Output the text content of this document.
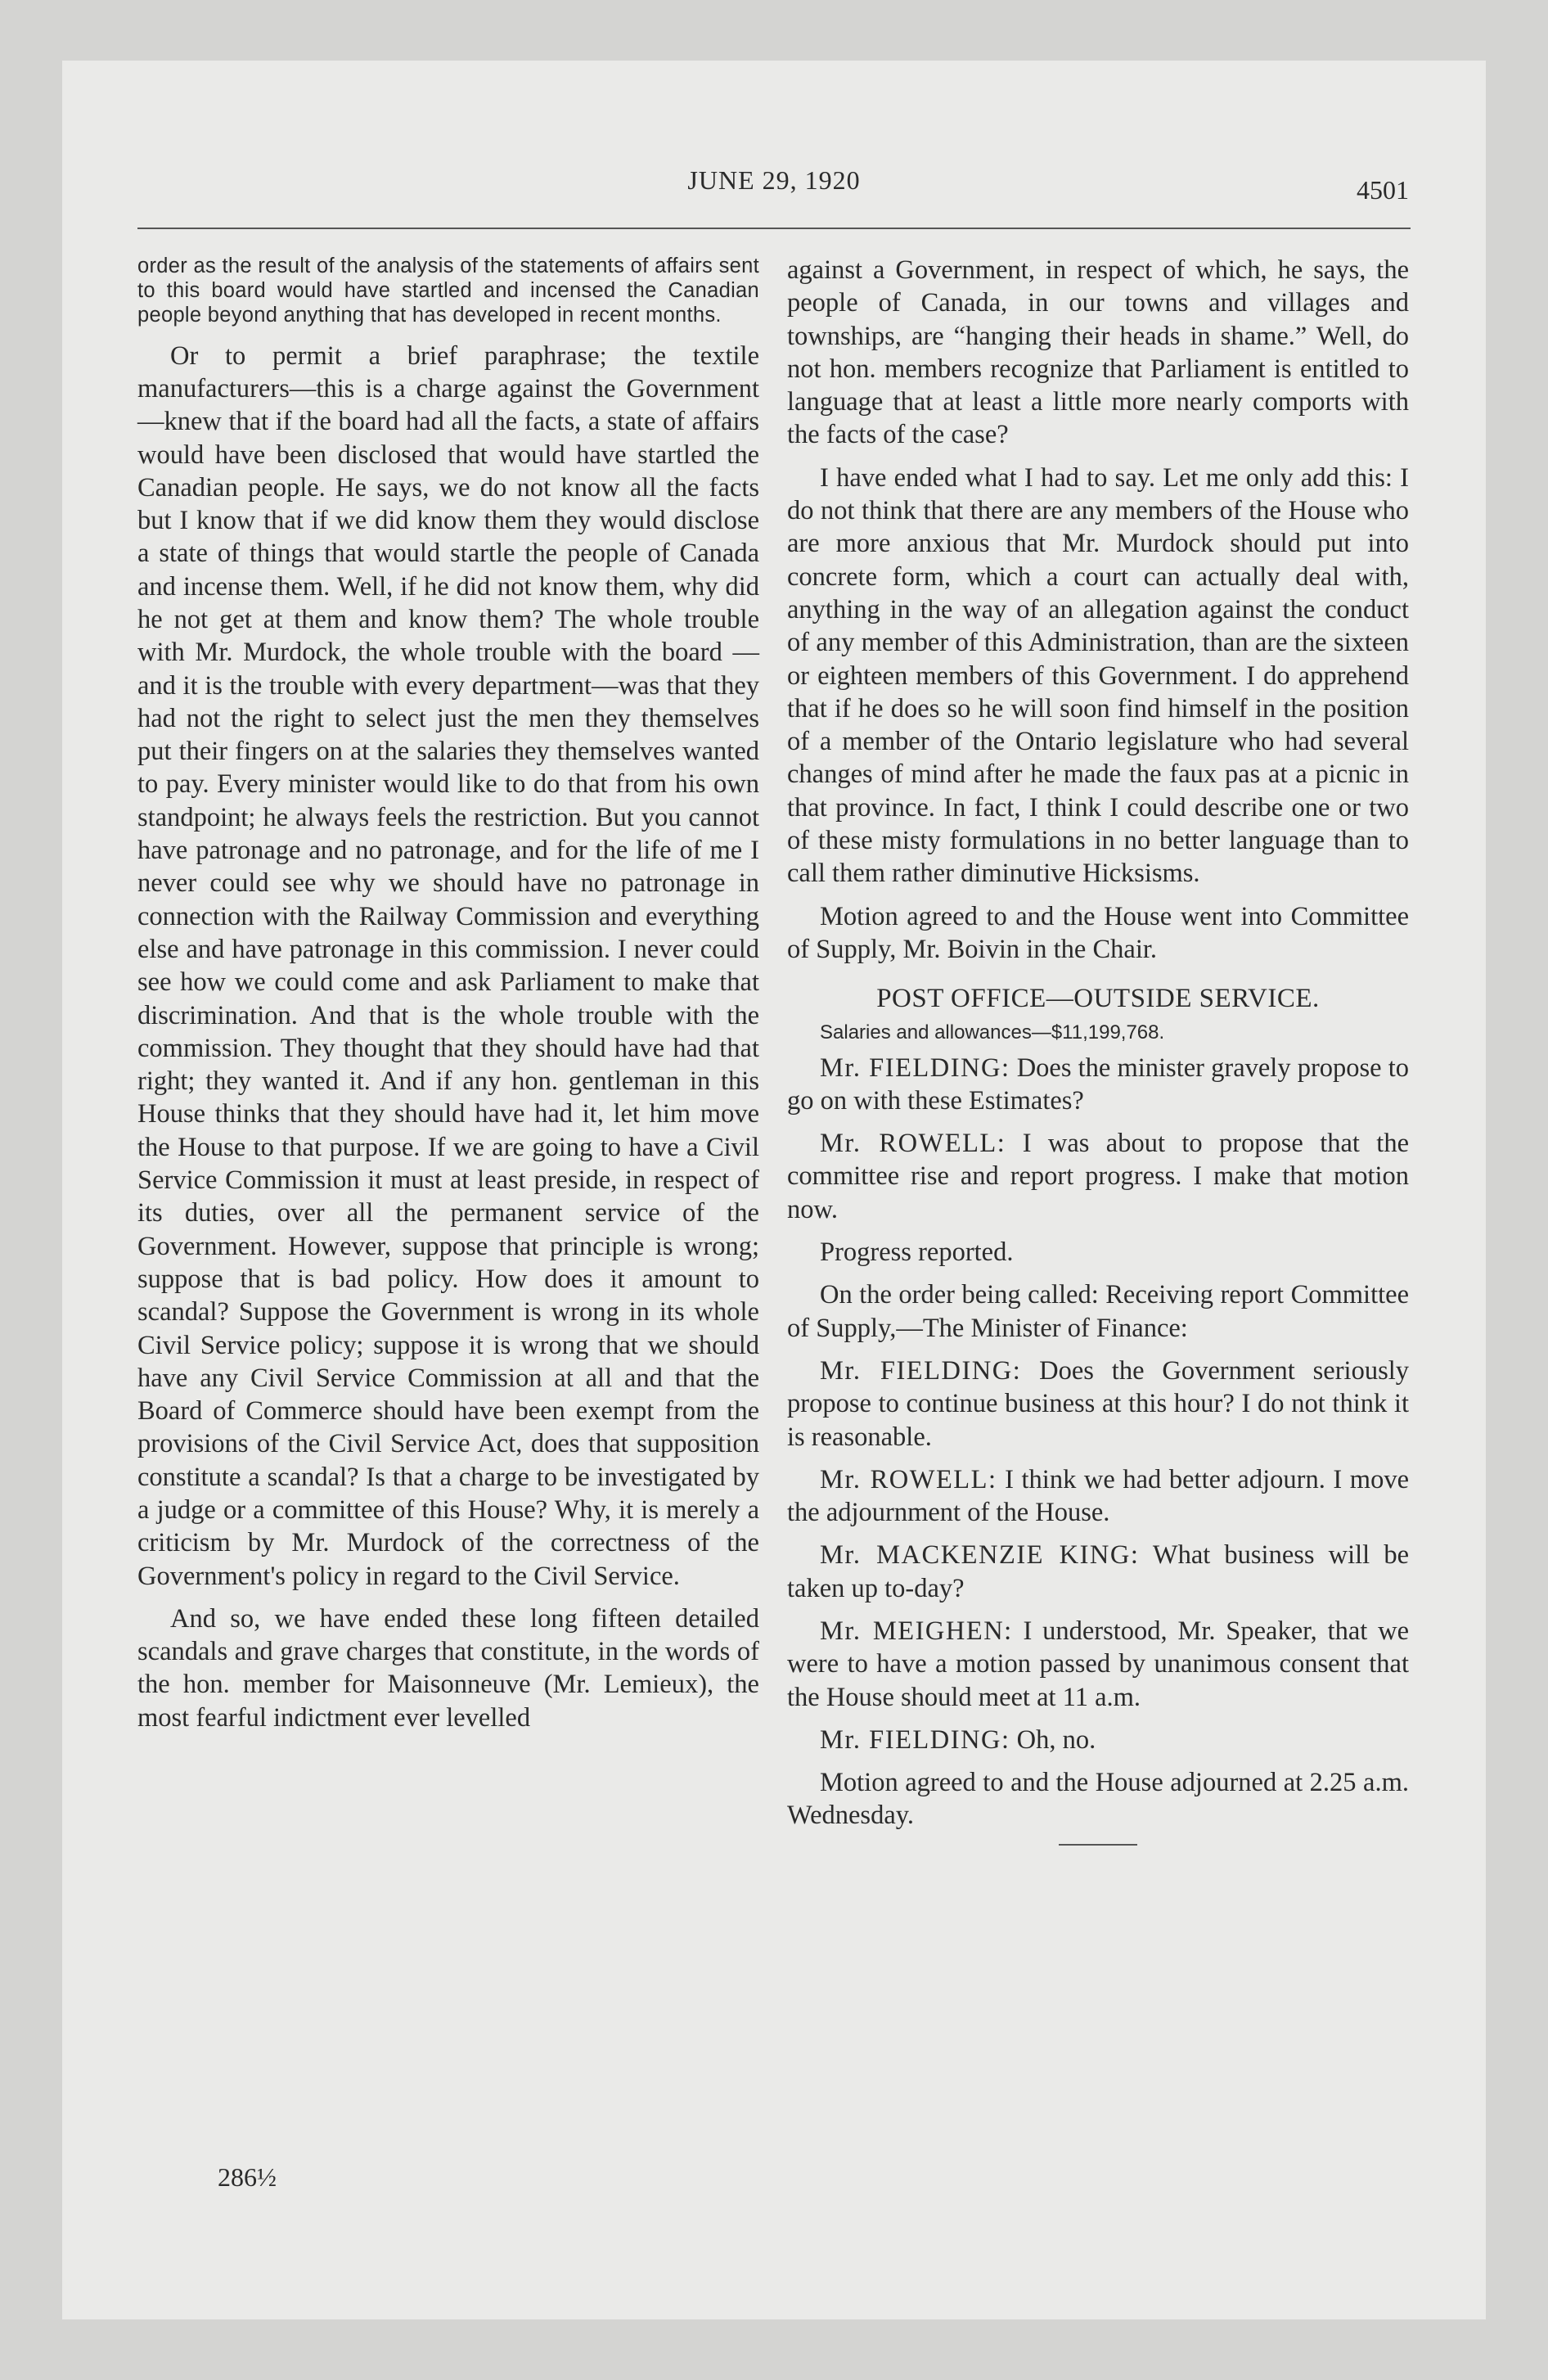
JUNE 29, 1920	4501

order as the result of the analysis of the statements of affairs sent to this board would have startled and incensed the Canadian people beyond anything that has developed in recent months.

Or to permit a brief paraphrase; the textile manufacturers—this is a charge against the Government—knew that if the board had all the facts, a state of affairs would have been disclosed that would have startled the Canadian people. He says, we do not know all the facts but I know that if we did know them they would disclose a state of things that would startle the people of Canada and incense them. Well, if he did not know them, why did he not get at them and know them? The whole trouble with Mr. Murdock, the whole trouble with the board —and it is the trouble with every department—was that they had not the right to select just the men they themselves put their fingers on at the salaries they themselves wanted to pay. Every minister would like to do that from his own standpoint; he always feels the restriction. But you cannot have patronage and no patronage, and for the life of me I never could see why we should have no patronage in connection with the Railway Commission and everything else and have patronage in this commission. I never could see how we could come and ask Parliament to make that discrimination. And that is the whole trouble with the commission. They thought that they should have had that right; they wanted it. And if any hon. gentleman in this House thinks that they should have had it, let him move the House to that purpose. If we are going to have a Civil Service Commission it must at least preside, in respect of its duties, over all the permanent service of the Government. However, suppose that principle is wrong; suppose that is bad policy. How does it amount to scandal? Suppose the Government is wrong in its whole Civil Service policy; suppose it is wrong that we should have any Civil Service Commission at all and that the Board of Commerce should have been exempt from the provisions of the Civil Service Act, does that supposition constitute a scandal? Is that a charge to be investigated by a judge or a committee of this House? Why, it is merely a criticism by Mr. Murdock of the correctness of the Government's policy in regard to the Civil Service.

And so, we have ended these long fifteen detailed scandals and grave charges that constitute, in the words of the hon. member for Maisonneuve (Mr. Lemieux), the most fearful indictment ever levelled

286½

against a Government, in respect of which, he says, the people of Canada, in our towns and villages and townships, are “hanging their heads in shame.” Well, do not hon. members recognize that Parliament is entitled to language that at least a little more nearly comports with the facts of the case?

I have ended what I had to say. Let me only add this: I do not think that there are any members of the House who are more anxious that Mr. Murdock should put into concrete form, which a court can actually deal with, anything in the way of an allegation against the conduct of any member of this Administration, than are the sixteen or eighteen members of this Government. I do apprehend that if he does so he will soon find himself in the position of a member of the Ontario legislature who had several changes of mind after he made the faux pas at a picnic in that province. In fact, I think I could describe one or two of these misty formulations in no better language than to call them rather diminutive Hicksisms.

Motion agreed to and the House went into Committee of Supply, Mr. Boivin in the Chair.

POST OFFICE—OUTSIDE SERVICE.

Salaries and allowances—$11,199,768.

Mr. FIELDING: Does the minister gravely propose to go on with these Estimates?

Mr. ROWELL: I was about to propose that the committee rise and report progress. I make that motion now.

Progress reported.

On the order being called: Receiving report Committee of Supply,—The Minister of Finance:

Mr. FIELDING: Does the Government seriously propose to continue business at this hour? I do not think it is reasonable.

Mr. ROWELL: I think we had better adjourn. I move the adjournment of the House.

Mr. MACKENZIE KING: What business will be taken up to-day?

Mr. MEIGHEN: I understood, Mr. Speaker, that we were to have a motion passed by unanimous consent that the House should meet at 11 a.m.

Mr. FIELDING: Oh, no.

Motion agreed to and the House adjourned at 2.25 a.m. Wednesday.
